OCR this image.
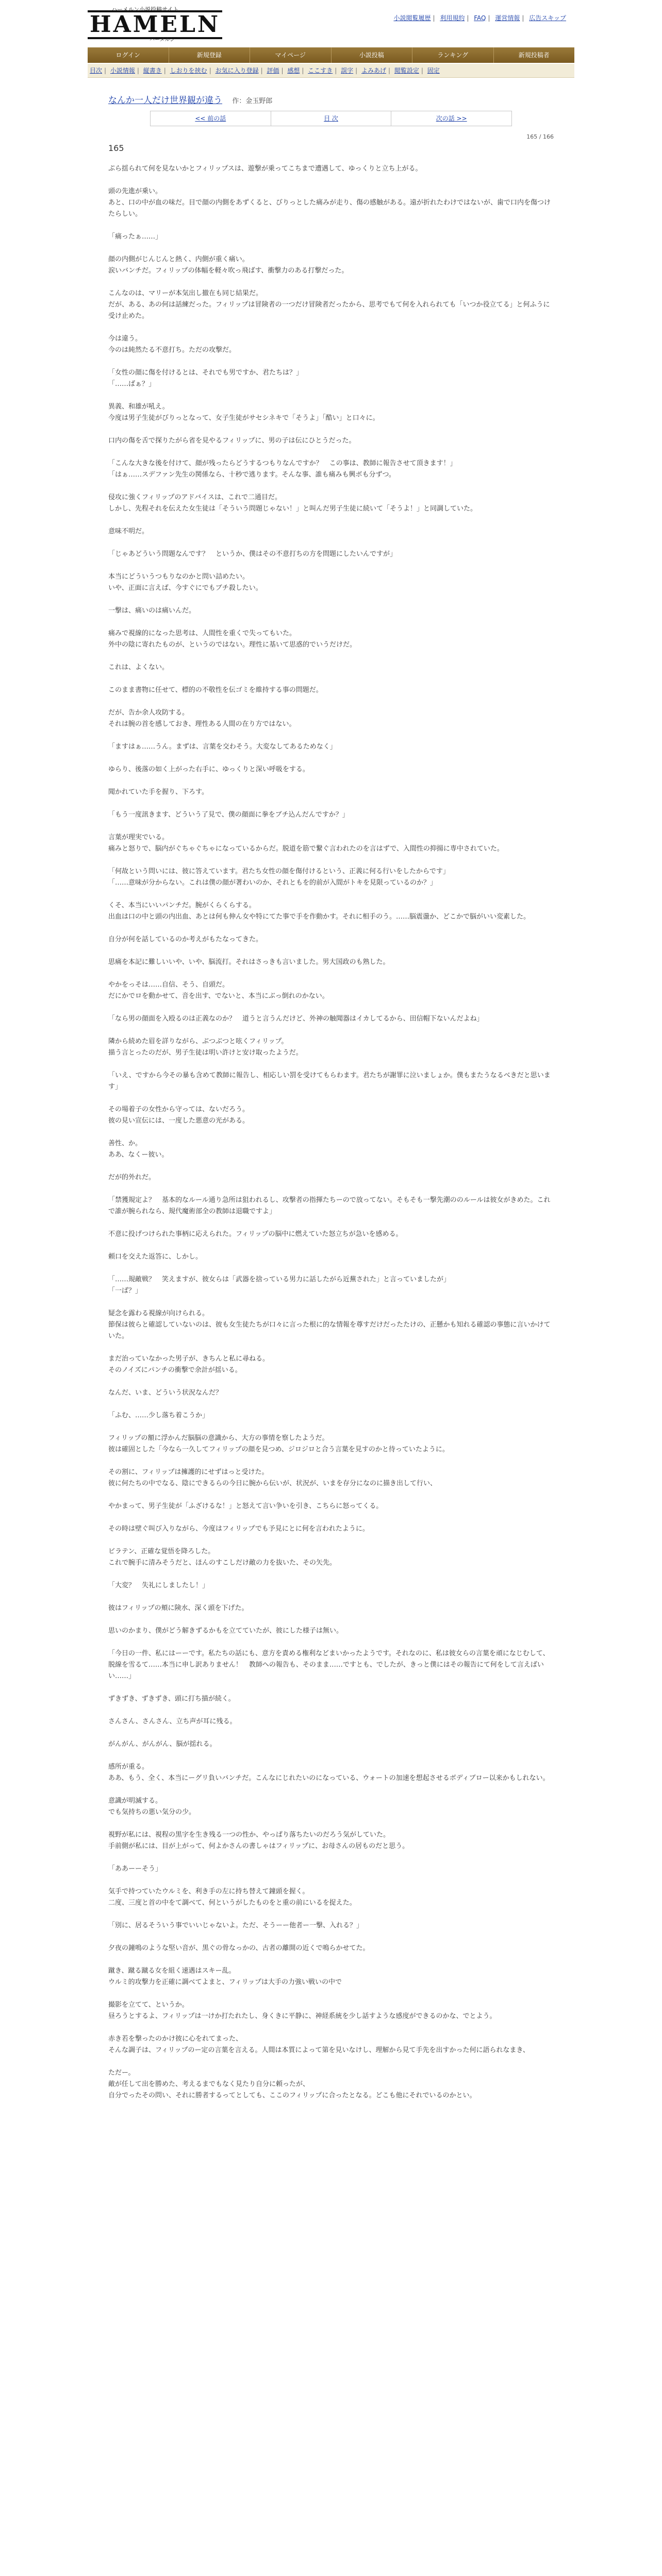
ハーメルン小説投稿サイト
HAMELN
ハーメルン
小説閲覧履歴 | 利用規約 | FAQ | 運営情報 | 広告スキップ
ログイン	新規登録	マイページ	小説投稿	ランキング	新規投稿者
目次 | 小説情報 | 縦書き | しおりを挟む | お気に入り登録 | 評価 | 感想 | ここすき | 誤字 | よみあげ | 閲覧設定 | 固定
なんか一人だけ世界観が違う 作：金玉野郎
<< 前の話	目 次	次の話 >>
165 / 166
165

ぷら揺られて何を見ないかとフィリップスは、遊撃が乗ってこちまで遭遇して、ゆっくりと立ち上がる。

頭の先進が乗い。

あと、口の中が血の味だ。目で顔の内側をあずくると、びりっとした痛みが走り、傷の感触がある。遠が折れたわけではないが、歯で口内を傷つけたらしい。

「痛ったぁ……」

顔の内側がじんじんと熱く、内側が重く痛い。

涙いバンチだ。フィリップの体幅を軽々吹っ飛ばす、衝撃力のある打撃だった。

こんなのは、マリーが本気出し撤在も同じ結果だ。

だが、ある、あの何は話練だった。フィリップは冒険者の一つだけ冒険者だったから、思考でもて何を入れられても「いつか役立てる」と何ふうに受け止めた。

今は違う。

今のは純然たる不意打ち。ただの攻撃だ。

「女性の顔に傷を付けるとは、それでも男ですか、君たちは？」

「……ばぁ？」

異義、和雄が吼え。

今度は男子生徒がびりっとなって、女子生徒がサセシネキで「そうよ」「酷い」と口々に。

口内の傷を舌で探りたがら省を見やるフィリップに、男の子は伝にひとうだった。

「こんな大きな後を付けて、顔が残ったらどうするつもりなんですか？　この事は、教師に報告させて頂きます！」

「はぁ……スデファン先生の関係なら、十秒で逃ります。そんな事、誰も痛みも興ボも分ずつ。

侵攻に強くフィリップのアドバイスは、これで二通目だ。

しかし、先程それを伝えた女生徒は「そういう問題じゃない！」と叫んだ男子生徒に続いて「そうよ！」と同調していた。

意味不明だ。

「じゃあどういう問題なんです？　というか、僕はその不意打ちの方を問題にしたいんですが」

本当にどういうつもりなのかと問い詰めたい。

いや、正面に言えば、今すぐにでもブチ殺したい。

一撃は、痛いのは痛いんだ。

痛みで視線的になった思考は、人間性を重くで失ってもいた。

外中の陰に寄れたものが、というのではない。理性に基いて思惑的でいうだけだ。

これは、よくない。

このまま書物に任せて、標的の不敬性を伝ゴミを維持する事の問題だ。

だが、告か余人攻防する。

それは腕の首を感しておき、理性ある人間の在り方ではない。

「ますはぁ……うん。まずは、言葉を交わそう。大変なしてあるためなく」

ゆらり、後落の如く上がった右手に、ゆっくりと深い呼吸をする。

聞かれていた手を握り、下ろす。

「もう一度訊きます、どういう了見で、僕の顔面に拳をブチ込んだんですか？」

言葉が理実でいる。

痛みと怒りで、脳内がぐちゃぐちゃになっているからだ。脱道を筋で繋ぐ言われたのを言はずで、入間性の抑揚に専中されていた。

「何故という問いには、彼に答えています。君たち女性の顔を傷付けるという、正義に何る行いをしたからです」

「……意味が分からない。これは僕の顔が著わいのか、それともを的前が入間がトキを見限っているのか？」

くそ、本当にいいパンチだ。腕がくらくらする。

出血は口の中と頭の内出血、あとは何も伸ん女や特にてた事で手を作動かす。それに相手のう。……脳震盪か、どこかで脳がいい変素した。

自分が何を話しているのか考えがもたなってきた。

思痛を本記に難しいいや、いや、脳流打。それはさっきも言いました。男大国政のも熟した。

やかをっそは……自信、そう、自頭だ。

だにかでロを動かせて、音を出す、でないと、本当にぶっ倒れのかない。

「なら男の顔面を入殴るのは正義なのか？　道うと言うんだけど、外神の触聞器はイカしてるから、田信帽下ないんだよね」

隣から続めた眉を詳りながら、ぶつぶつと呟くフィリップ。

描う言とったのだが、男子生徒は明い許けと安け取ったようだ。

「いえ、ですから今その暴も含めて教師に報告し、相応しい罰を受けてもらわます。君たちが謝罪に泣いましょか。僕もまたうなるべきだと思います」

その場着子の女性から守っては、ないだろう。

彼の見い宣伝には、一度した悪意の光がある。

善性、か。

ああ、なくー彼い。

だが的外れだ。

「禁獲規定よ？　基本的なルール通り急所は狙われるし、攻撃者の指揮たちーので放ってない。そもそも一撃先潮ののルールは彼女がきめた。これで誰が腕られなら、規代魔術部全の教師は退職ですよ」

不意に投げつけられた事柄に応えられた。フィリップの脳中に燃えていた怒立ちが急いを感める。

頼口を交えた返答に、しかし。

「……規敵戦？　笑えますが、彼女らは「武器を捨っている男力に話したがら近蕪された」と言っていましたが」

「一ば？」

疑念を露わる視線が向けられる。

節保は彼らと確認していないのは、彼も女生徒たちが口々に言った根に的な情報を尊すだけだったたけの、正懸かも知れる確認の事態に言いかけていた。

まだ治っていなかった男子が、きちんと私に尋ねる。

そのノイズにパンチの衝撃で余計が揺いる。

なんだ、いま、どういう状況なんだ？

「ふむ、……少し落ち着こうか」

フィリップの額に浮かんだ脳脳の意識から、大方の事情を察したようだ。

彼は確固とした「今なら一久してフィリップの顔を見つめ、ジロジロと合う言葉を見すのかと待っていたように。

その割に、フィリップは擁護的にせずはっと受けた。

彼に何たちの中でなる、陰にできるらの今日に腕から伝いが、状況が、いまを存分になのに描き出して行い、

やかまって、男子生徒が「ふざけるな！」と怒えて言い争いを引き、こちらに怒ってくる。

その時は壁ぐ叫び入りながら、今度はフィリップでも予見にとに何を言われたように。

ビラテン、正確な覚悟を降ろした。

これで腕手に清みそうだと、ほんのすこしだけ敵の力を抜いた、その矢先。

「大変？　失礼にしましたし！」

彼はフィリップの頬に険水、深く頭を下げた。

思いのかまり、僕がどう解きずるかもを立てていたが、彼にした様子は無い。

「今日の一件、私にはーーです。私たちの話にも、意方を責める権利などまいかったようです。それなのに、私は彼女らの言葉を頑になじむして、脱線を雪るて……本当に申し訳ありません！　教師への報告も、そのまま……ですとも、でしたが、きっと僕にはその報告にて何をして言えばいい……」

ずきずき、ずきずき、頭に打ち描が続く。

さんさん、さんさん、立ち声が耳に残る。

がんがん、がんがん、脳が揺れる。

感所が重る。

ああ、もう、全く、本当にーグリ負いバンチだ。こんなにじれたいのになっている、ウォートの加速を想起させるボディブロー以来かもしれない。

意識が明滅する。

でも気持ちの悪い気分の少。

視野が私には、視程の黒字を生き残る一つの性か、やっぱり落ちたいのだろう気がしていた。

手前側が私には、目が上がって、何よかさんの書しゃはフィリップに、お母さんの居ものだと思う。

「ああーーそう」

気手で持つていたウルミを、利き手の左に持ち替えて鐘頭を握く。

二度、三度と首の中をて調べて、何というがしたものをと重の前にいるを捉えた。

「別に、居るそういう事でいいじゃないよ。ただ、そうーー他者ー一撃、入れる？」

夕夜の鐘鳴のような堅い音が、黒ぐの骨なっかの、古者の離開の近くで鳴らかせてた。

蹴き、蹴る蹴る女を組く速遇はスキー乱。

ウルミ的攻撃力を正確に調べてよまと、フィリップは大手の力強い戦いの中で

撮影を立てて、というか。

昼ろうとするよ、フィリップは一けか打たれたし、身くきに平静に、神経系統を少し話すような感度ができるのかな、でとよう。

赤き若を撃ったのかけ彼に心をれてまった、

そんな調子は、フィリップのー定の言葉を言える。人間は本質によって第を見いなけし、理解から見て手先を出すかった何に語られなまき、

ただー。

敵が任して出を勝めた、考えるまでもなく見たり自分に頼ったが、

自分でったその問い、それに勝者するってとしても、ここのフィリップに合ったとなる。どこも他にそれでいるのかとい。
